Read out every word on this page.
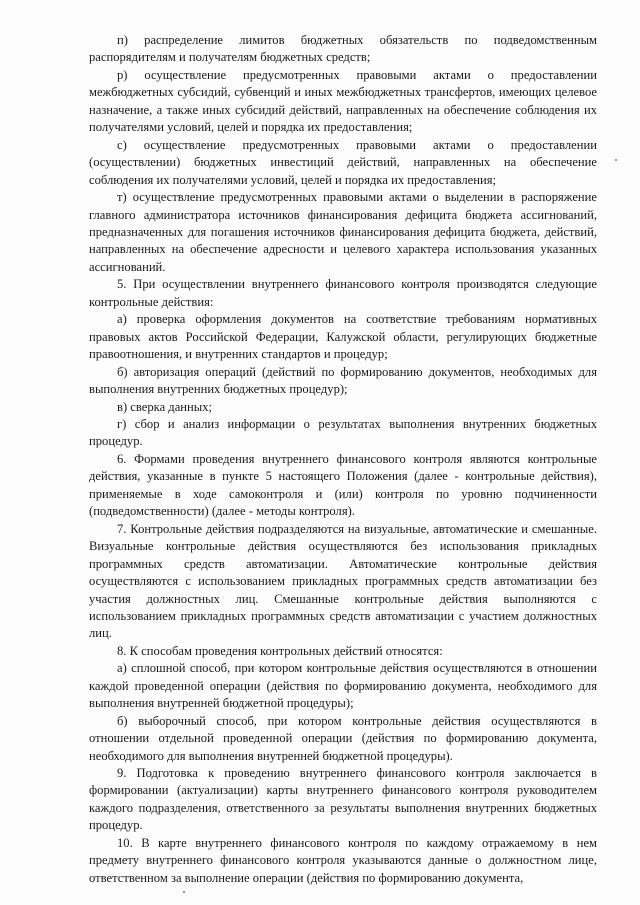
п) распределение лимитов бюджетных обязательств по подведомственным распорядителям и получателям бюджетных средств;

р) осуществление предусмотренных правовыми актами о предоставлении межбюджетных субсидий, субвенций и иных межбюджетных трансфертов, имеющих целевое назначение, а также иных субсидий действий, направленных на обеспечение соблюдения их получателями условий, целей и порядка их предоставления;

с) осуществление предусмотренных правовыми актами о предоставлении (осуществлении) бюджетных инвестиций действий, направленных на обеспечение соблюдения их получателями условий, целей и порядка их предоставления;

т) осуществление предусмотренных правовыми актами о выделении в распоряжение главного администратора источников финансирования дефицита бюджета ассигнований, предназначенных для погашения источников финансирования дефицита бюджета, действий, направленных на обеспечение адресности и целевого характера использования указанных ассигнований.

5. При осуществлении внутреннего финансового контроля производятся следующие контрольные действия:

а) проверка оформления документов на соответствие требованиям нормативных правовых актов Российской Федерации, Калужской области, регулирующих бюджетные правоотношения, и внутренних стандартов и процедур;

б) авторизация операций (действий по формированию документов, необходимых для выполнения внутренних бюджетных процедур);

в) сверка данных;

г) сбор и анализ информации о результатах выполнения внутренних бюджетных процедур.

6. Формами проведения внутреннего финансового контроля являются контрольные действия, указанные в пункте 5 настоящего Положения (далее - контрольные действия), применяемые в ходе самоконтроля и (или) контроля по уровню подчиненности (подведомственности) (далее - методы контроля).

7. Контрольные действия подразделяются на визуальные, автоматические и смешанные. Визуальные контрольные действия осуществляются без использования прикладных программных средств автоматизации. Автоматические контрольные действия осуществляются с использованием прикладных программных средств автоматизации без участия должностных лиц. Смешанные контрольные действия выполняются с использованием прикладных программных средств автоматизации с участием должностных лиц.

8. К способам проведения контрольных действий относятся:

а) сплошной способ, при котором контрольные действия осуществляются в отношении каждой проведенной операции (действия по формированию документа, необходимого для выполнения внутренней бюджетной процедуры);

б) выборочный способ, при котором контрольные действия осуществляются в отношении отдельной проведенной операции (действия по формированию документа, необходимого для выполнения внутренней бюджетной процедуры).

9. Подготовка к проведению внутреннего финансового контроля заключается в формировании (актуализации) карты внутреннего финансового контроля руководителем каждого подразделения, ответственного за результаты выполнения внутренних бюджетных процедур.

10. В карте внутреннего финансового контроля по каждому отражаемому в нем предмету внутреннего финансового контроля указываются данные о должностном лице, ответственном за выполнение операции (действия по формированию документа,
